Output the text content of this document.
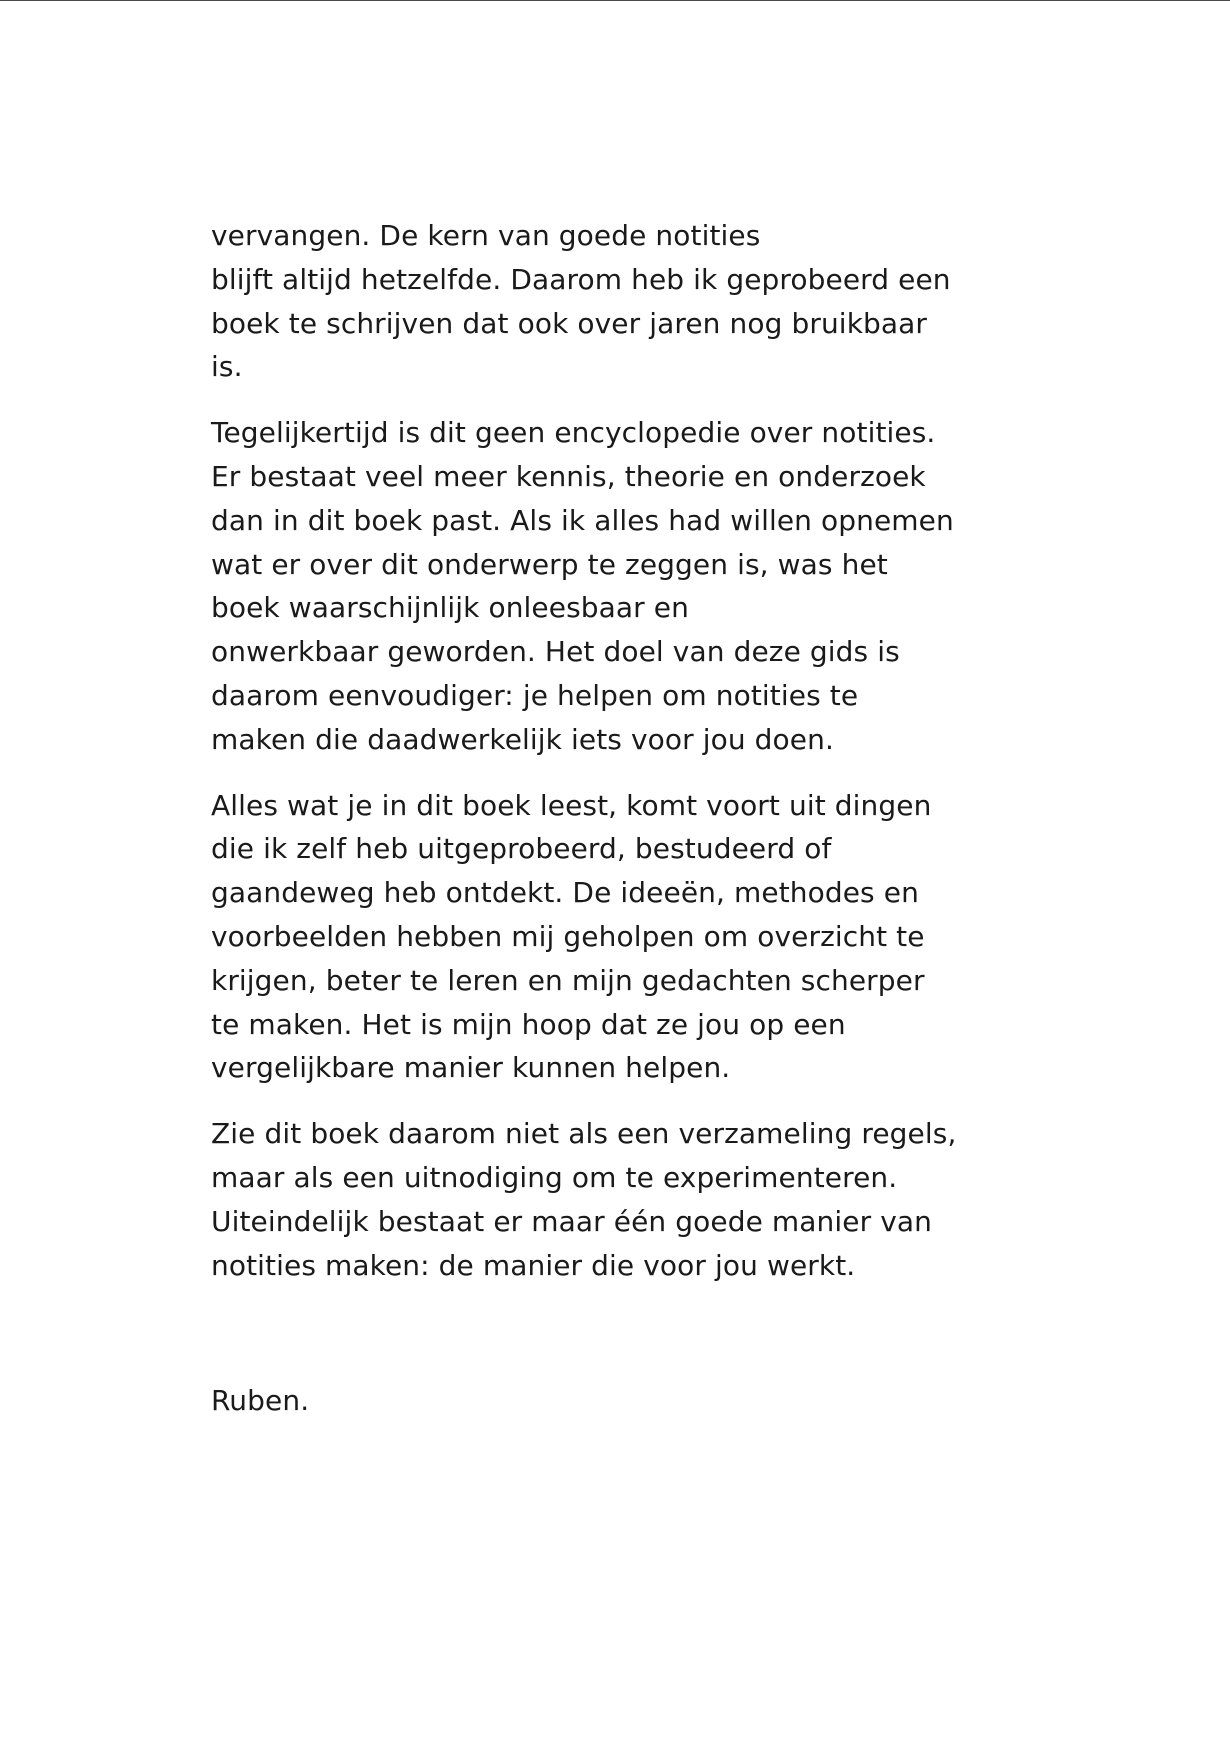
vervangen. De kern van goede notities
blijft altijd hetzelfde. Daarom heb ik geprobeerd een
boek te schrijven dat ook over jaren nog bruikbaar
is.

Tegelijkertijd is dit geen encyclopedie over notities.
Er bestaat veel meer kennis, theorie en onderzoek
dan in dit boek past. Als ik alles had willen opnemen
wat er over dit onderwerp te zeggen is, was het
boek waarschijnlijk onleesbaar en
onwerkbaar geworden. Het doel van deze gids is
daarom eenvoudiger: je helpen om notities te
maken die daadwerkelijk iets voor jou doen.

Alles wat je in dit boek leest, komt voort uit dingen
die ik zelf heb uitgeprobeerd, bestudeerd of
gaandeweg heb ontdekt. De ideeën, methodes en
voorbeelden hebben mij geholpen om overzicht te
krijgen, beter te leren en mijn gedachten scherper
te maken. Het is mijn hoop dat ze jou op een
vergelijkbare manier kunnen helpen.

Zie dit boek daarom niet als een verzameling regels,
maar als een uitnodiging om te experimenteren.
Uiteindelijk bestaat er maar één goede manier van
notities maken: de manier die voor jou werkt.

Ruben.
